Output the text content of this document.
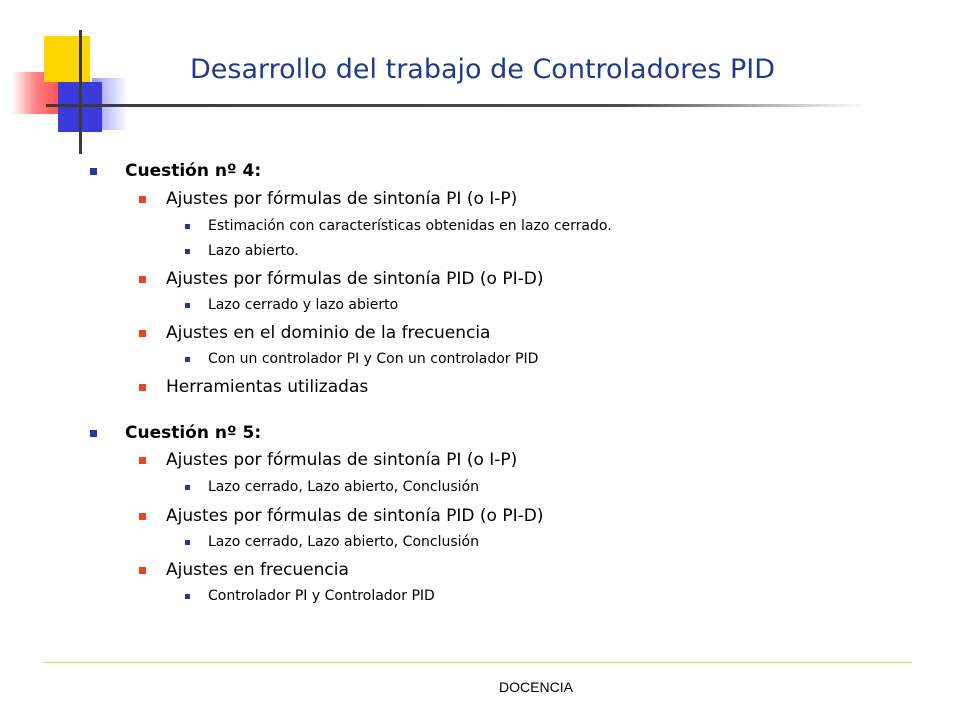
Desarrollo del trabajo de Controladores PID
Cuestión nº 4:
Ajustes por fórmulas de sintonía PI (o I-P)
Estimación con características obtenidas en lazo cerrado.
Lazo abierto.
Ajustes por fórmulas de sintonía PID (o PI-D)
Lazo cerrado y lazo abierto
Ajustes en el dominio de la frecuencia
Con un controlador PI y Con un controlador PID
Herramientas utilizadas
Cuestión nº 5:
Ajustes por fórmulas de sintonía PI (o I-P)
Lazo cerrado, Lazo abierto, Conclusión
Ajustes por fórmulas de sintonía PID (o PI-D)
Lazo cerrado, Lazo abierto, Conclusión
Ajustes en frecuencia
Controlador PI y Controlador PID
DOCENCIA
